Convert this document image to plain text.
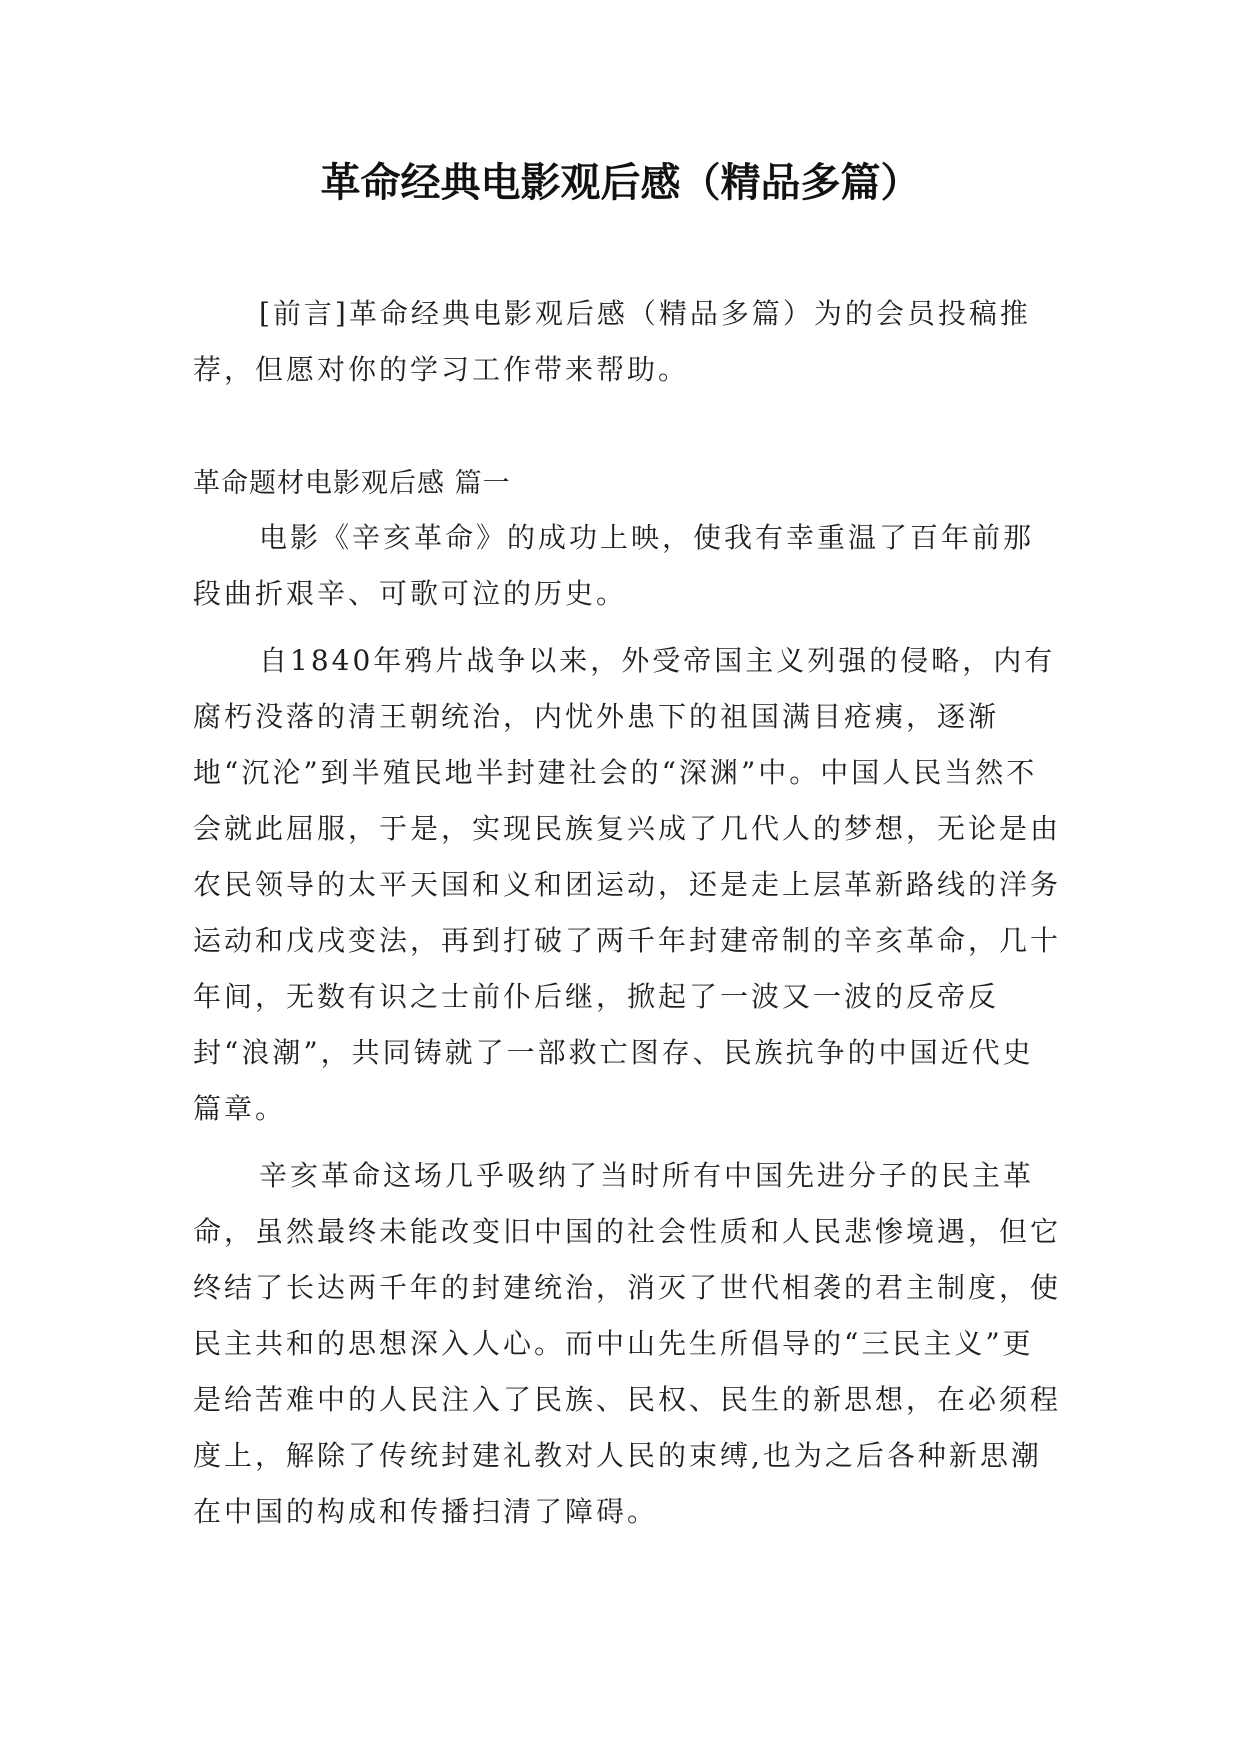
革命经典电影观后感（精品多篇）
[前言]革命经典电影观后感（精品多篇）为的会员投稿推荐，但愿对你的学习工作带来帮助。

革命题材电影观后感 篇一

电影《辛亥革命》的成功上映，使我有幸重温了百年前那段曲折艰辛、可歌可泣的历史。

自1840年鸦片战争以来，外受帝国主义列强的侵略，内有腐朽没落的清王朝统治，内忧外患下的祖国满目疮痍，逐渐地“沉沦”到半殖民地半封建社会的“深渊”中。中国人民当然不会就此屈服，于是，实现民族复兴成了几代人的梦想，无论是由农民领导的太平天国和义和团运动，还是走上层革新路线的洋务运动和戊戌变法，再到打破了两千年封建帝制的辛亥革命，几十年间，无数有识之士前仆后继，掀起了一波又一波的反帝反封“浪潮”，共同铸就了一部救亡图存、民族抗争的中国近代史篇章。

辛亥革命这场几乎吸纳了当时所有中国先进分子的民主革命，虽然最终未能改变旧中国的社会性质和人民悲惨境遇，但它终结了长达两千年的封建统治，消灭了世代相袭的君主制度，使民主共和的思想深入人心。而中山先生所倡导的“三民主义”更是给苦难中的人民注入了民族、民权、民生的新思想，在必须程度上，解除了传统封建礼教对人民的束缚,也为之后各种新思潮在中国的构成和传播扫清了障碍。
